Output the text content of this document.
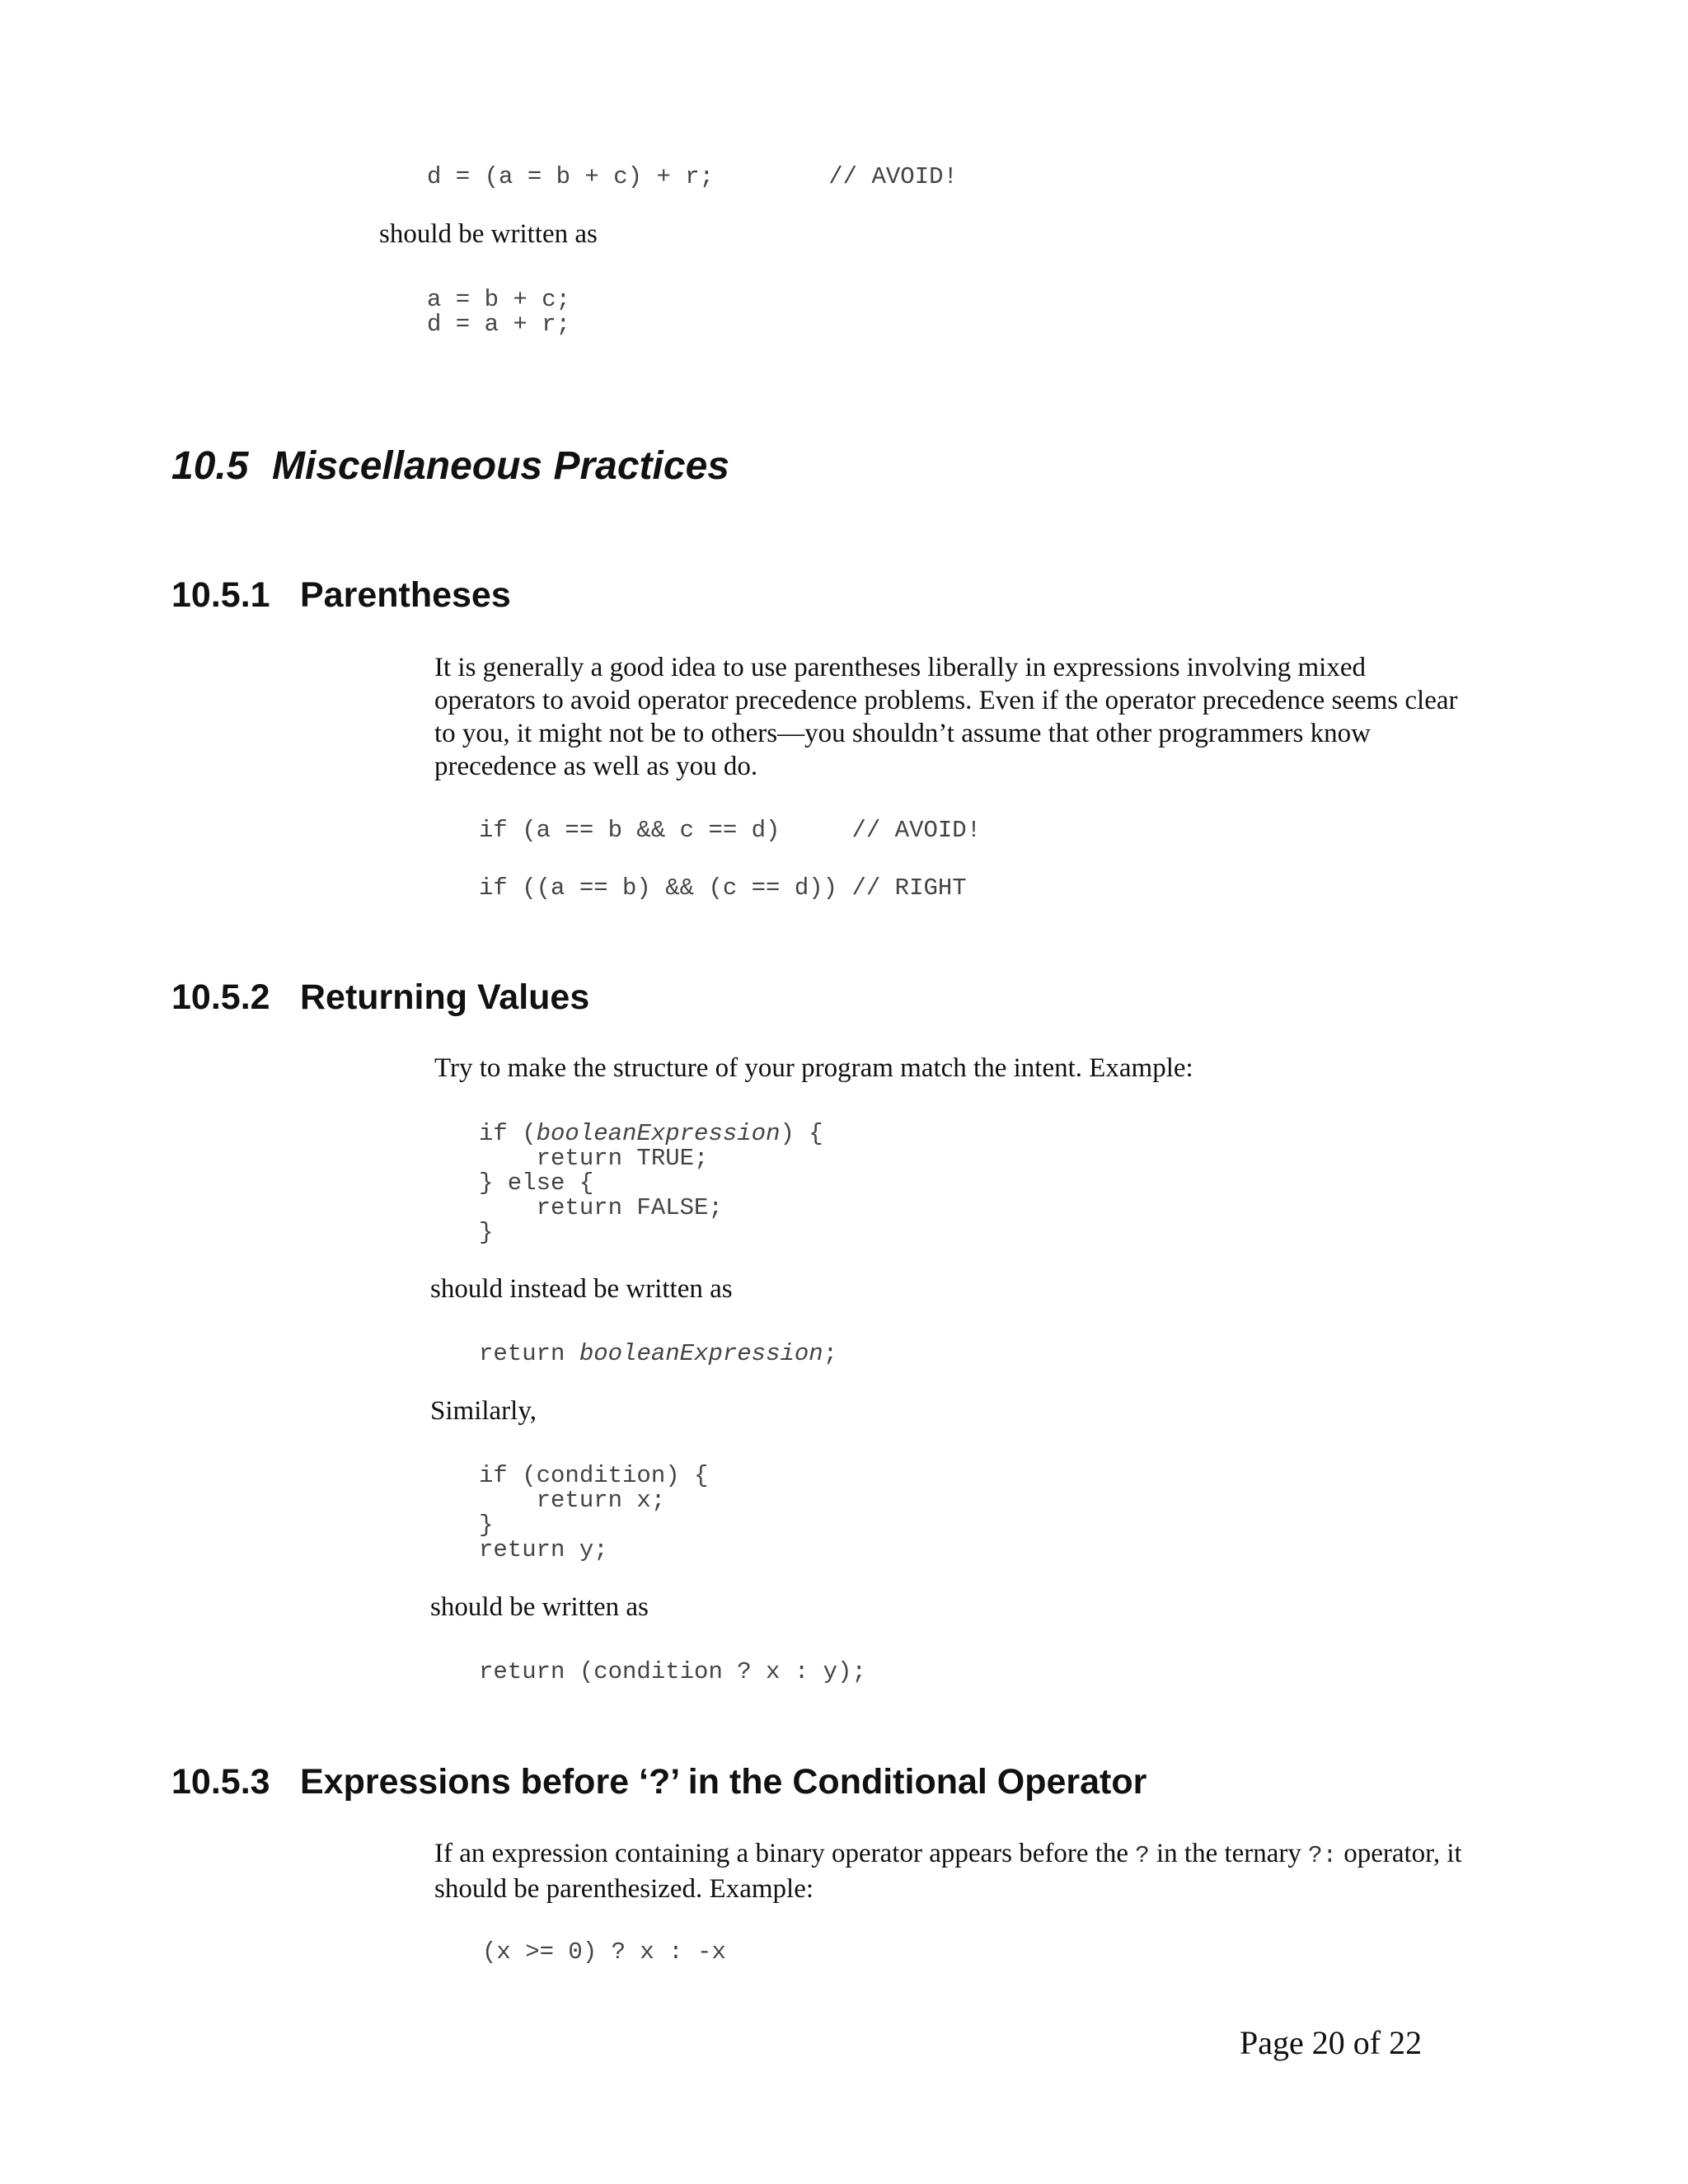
d = (a = b + c) + r;        // AVOID!
should be written as
a = b + c;
d = a + r;
10.5 Miscellaneous Practices
10.5.1 Parentheses
It is generally a good idea to use parentheses liberally in expressions involving mixed operators to avoid operator precedence problems. Even if the operator precedence seems clear to you, it might not be to others—you shouldn’t assume that other programmers know precedence as well as you do.
if (a == b && c == d)     // AVOID!
if ((a == b) && (c == d)) // RIGHT
10.5.2 Returning Values
Try to make the structure of your program match the intent. Example:
if (booleanExpression) {
return TRUE;
} else {
return FALSE;
}
should instead be written as
return booleanExpression;
Similarly,
if (condition) {
return x;
}
return y;
should be written as
return (condition ? x : y);
10.5.3 Expressions before ‘?’ in the Conditional Operator
If an expression containing a binary operator appears before the ? in the ternary ?: operator, it should be parenthesized. Example:
(x >= 0) ? x : -x
Page 20 of 22
